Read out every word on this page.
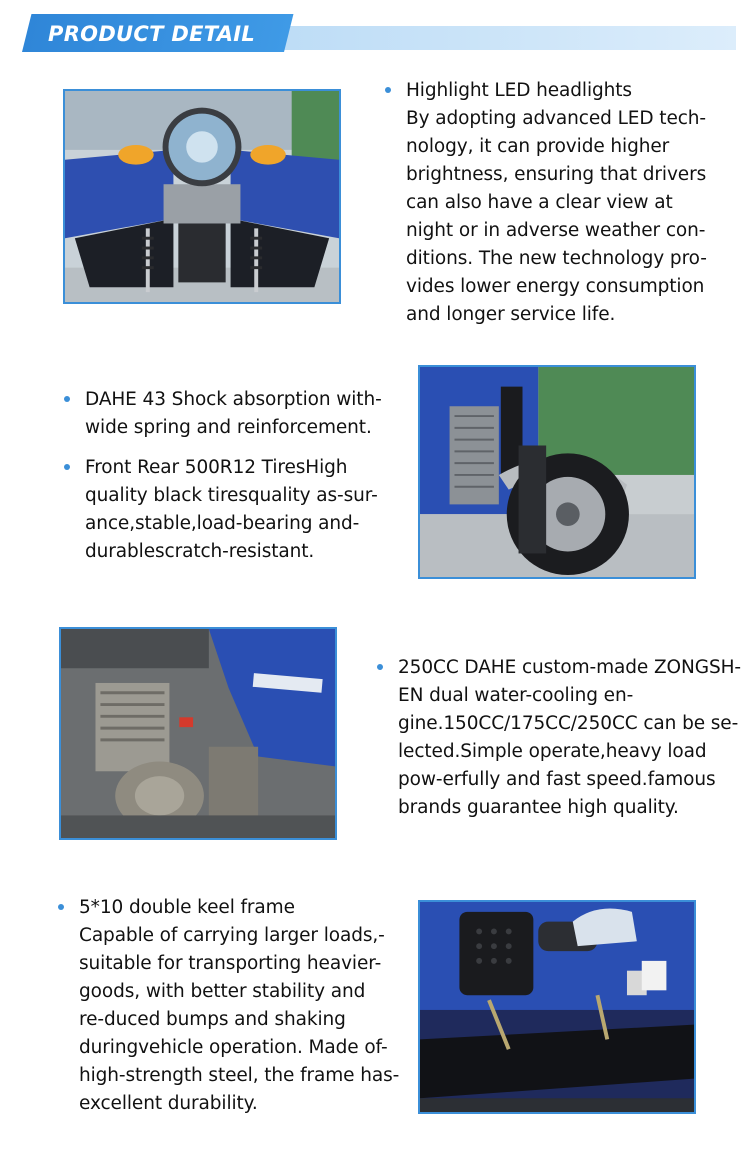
PRODUCT DETAIL
Highlight LED headlights
By adopting advanced LED tech-
nology, it can provide higher
brightness, ensuring that drivers
can also have a clear view at
night or in adverse weather con-
ditions. The new technology pro-
vides lower energy consumption
and longer service life.
DAHE 43 Shock absorption with-
wide spring and reinforcement.
Front Rear 500R12 TiresHigh
quality black tiresquality as-sur-
ance,stable,load-bearing and-
durablescratch-resistant.
250CC DAHE custom-made ZONGSH-
EN dual water-cooling en-
gine.150CC/175CC/250CC can be se-
lected.Simple operate,heavy load
pow-erfully and fast speed.famous
brands guarantee high quality.
5*10 double keel frame
Capable of carrying larger loads,-
suitable for transporting heavier-
goods, with better stability and
re-duced bumps and shaking
duringvehicle operation. Made of-
high-strength steel, the frame has-
excellent durability.
